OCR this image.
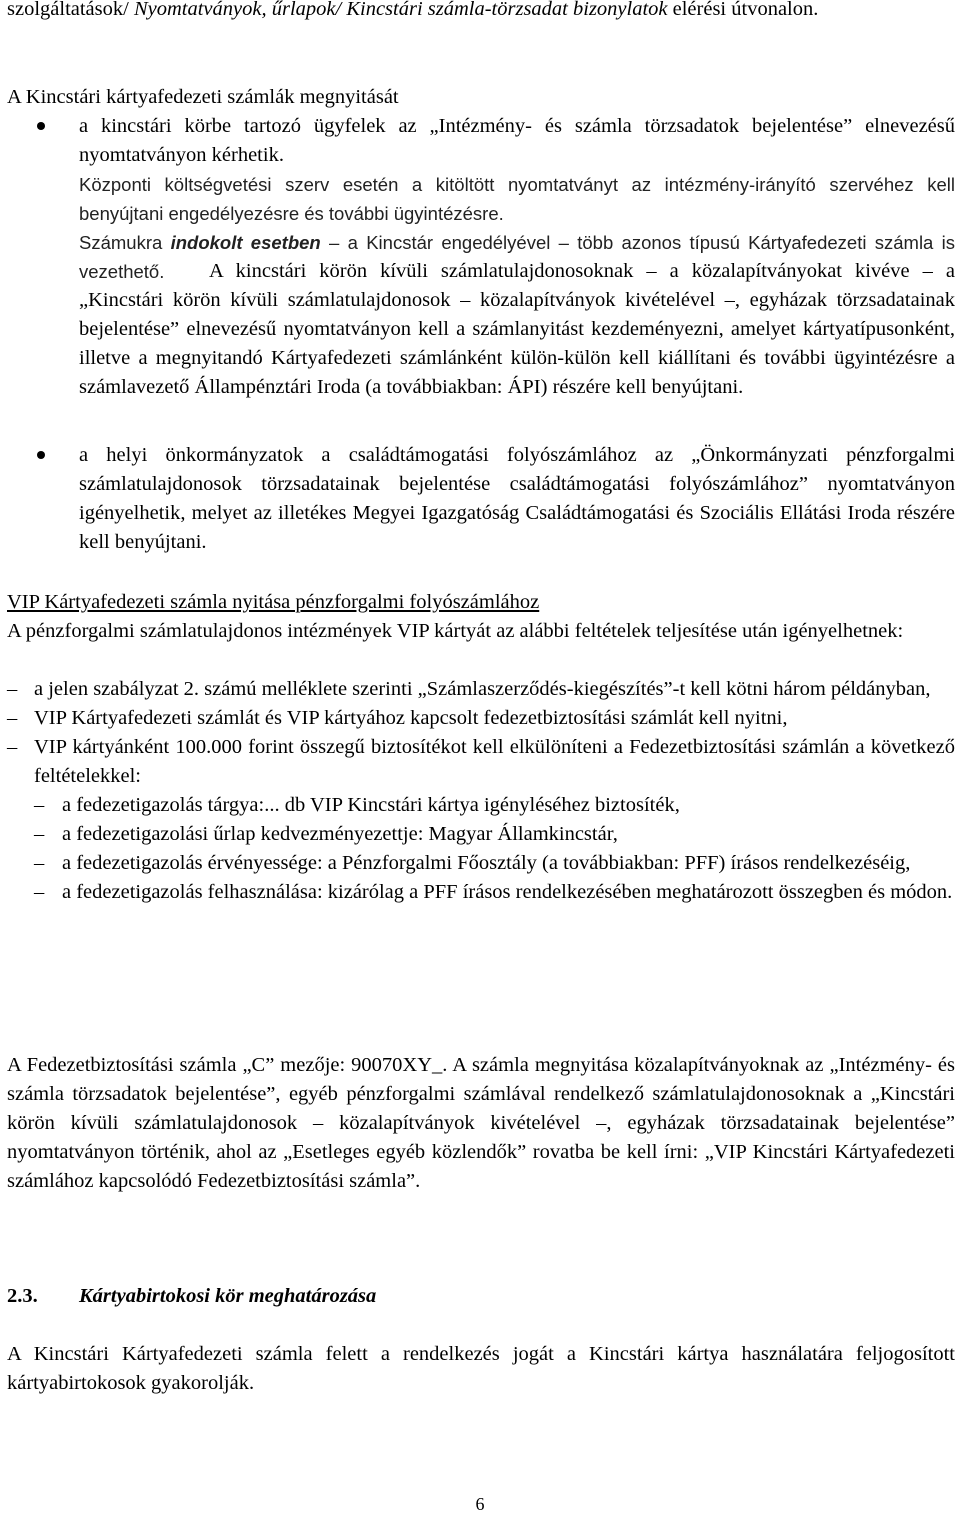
szolgáltatások/ Nyomtatványok, űrlapok/ Kincstári számla-törzsadat bizonylatok elérési útvonalon.

A Kincstári kártyafedezeti számlák megnyitását

a kincstári körbe tartozó ügyfelek az „Intézmény- és számla törzsadatok bejelentése” elnevezésű nyomtatványon kérhetik.

Központi költségvetési szerv esetén a kitöltött nyomtatványt az intézmény-irányító szervéhez kell benyújtani engedélyezésre és további ügyintézésre.

Számukra indokolt esetben – a Kincstár engedélyével – több azonos típusú Kártyafedezeti számla is vezethető.	A kincstári körön kívüli számlatulajdonosoknak – a közalapítványokat kivéve – a „Kincstári körön kívüli számlatulajdonosok – közalapítványok kivételével –, egyházak törzsadatainak bejelentése” elnevezésű nyomtatványon kell a számlanyitást kezdeményezni, amelyet kártyatípusonként, illetve a megnyitandó Kártyafedezeti számlánként külön-külön kell kiállítani és további ügyintézésre a számlavezető Állampénztári Iroda (a továbbiakban: ÁPI) részére kell benyújtani.

a helyi önkormányzatok a családtámogatási folyószámlához az „Önkormányzati pénzforgalmi számlatulajdonosok törzsadatainak bejelentése családtámogatási folyószámlához” nyomtatványon igényelhetik, melyet az illetékes Megyei Igazgatóság Családtámogatási és Szociális Ellátási Iroda részére kell benyújtani.

VIP Kártyafedezeti számla nyitása pénzforgalmi folyószámlához

A pénzforgalmi számlatulajdonos intézmények VIP kártyát az alábbi feltételek teljesítése után igényelhetnek:

– a jelen szabályzat 2. számú melléklete szerinti „Számlaszerződés-kiegészítés”-t kell kötni három példányban,

– VIP Kártyafedezeti számlát és VIP kártyához kapcsolt fedezetbiztosítási számlát kell nyitni,

– VIP kártyánként 100.000 forint összegű biztosítékot kell elkülöníteni a Fedezetbiztosítási számlán a következő feltételekkel:

– a fedezetigazolás tárgya:... db VIP Kincstári kártya igényléséhez biztosíték,

– a fedezetigazolási űrlap kedvezményezettje: Magyar Államkincstár,

– a fedezetigazolás érvényessége: a Pénzforgalmi Főosztály (a továbbiakban: PFF) írásos rendelkezéséig,

– a fedezetigazolás felhasználása: kizárólag a PFF írásos rendelkezésében meghatározott összegben és módon.

A Fedezetbiztosítási számla „C” mezője: 90070XY_. A számla megnyitása közalapítványoknak az „Intézmény- és számla törzsadatok bejelentése”, egyéb pénzforgalmi számlával rendelkező számlatulajdonosoknak a „Kincstári körön kívüli számlatulajdonosok – közalapítványok kivételével –, egyházak törzsadatainak bejelentése” nyomtatványon történik, ahol az „Esetleges egyéb közlendők” rovatba be kell írni: „VIP Kincstári Kártyafedezeti számlához kapcsolódó Fedezetbiztosítási számla”.

2.3. Kártyabirtokosi kör meghatározása

A Kincstári Kártyafedezeti számla felett a rendelkezés jogát a Kincstári kártya használatára feljogosított kártyabirtokosok gyakorolják.

6
